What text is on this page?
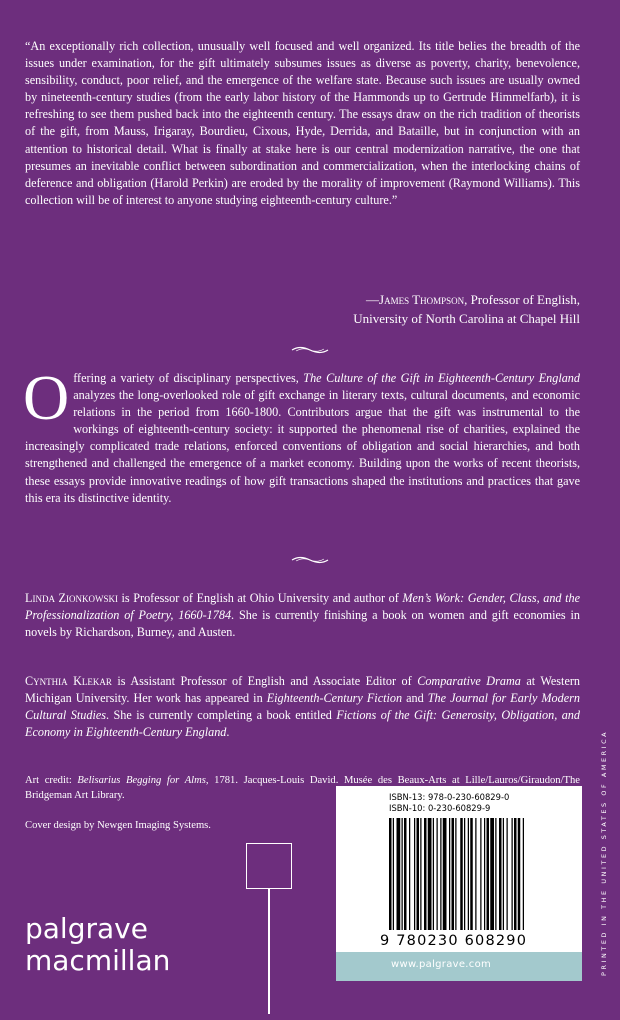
“An exceptionally rich collection, unusually well focused and well organized. Its title belies the breadth of the issues under examination, for the gift ultimately subsumes issues as diverse as poverty, charity, benevolence, sensibility, conduct, poor relief, and the emergence of the welfare state. Because such issues are usually owned by nineteenth-century studies (from the early labor history of the Hammonds up to Gertrude Himmelfarb), it is refreshing to see them pushed back into the eighteenth century. The essays draw on the rich tradition of theorists of the gift, from Mauss, Irigaray, Bourdieu, Cixous, Hyde, Derrida, and Bataille, but in conjunction with an attention to historical detail. What is finally at stake here is our central modernization narrative, the one that presumes an inevitable conflict between subordination and commercialization, when the interlocking chains of deference and obligation (Harold Perkin) are eroded by the morality of improvement (Raymond Williams). This collection will be of interest to anyone studying eighteenth-century culture.”

—James Thompson, Professor of English,
University of North Carolina at Chapel Hill

Offering a variety of disciplinary perspectives, The Culture of the Gift in Eighteenth-Century England analyzes the long-overlooked role of gift exchange in literary texts, cultural documents, and economic relations in the period from 1660-1800. Contributors argue that the gift was instrumental to the workings of eighteenth-century society: it supported the phenomenal rise of charities, explained the increasingly complicated trade relations, enforced conventions of obligation and social hierarchies, and both strengthened and challenged the emergence of a market economy. Building upon the works of recent theorists, these essays provide innovative readings of how gift transactions shaped the institutions and practices that gave this era its distinctive identity.

Linda Zionkowski is Professor of English at Ohio University and author of Men’s Work: Gender, Class, and the Professionalization of Poetry, 1660-1784. She is currently finishing a book on women and gift economies in novels by Richardson, Burney, and Austen.

Cynthia Klekar is Assistant Professor of English and Associate Editor of Comparative Drama at Western Michigan University. Her work has appeared in Eighteenth-Century Fiction and The Journal for Early Modern Cultural Studies. She is currently completing a book entitled Fictions of the Gift: Generosity, Obligation, and Economy in Eighteenth-Century England.

Art credit: Belisarius Begging for Alms, 1781. Jacques-Louis David. Musée des Beaux-Arts at Lille/Lauros/Giraudon/The Bridgeman Art Library.

Cover design by Newgen Imaging Systems.
palgrave
macmillan
ISBN-13: 978-0-230-60829-0
ISBN-10: 0-230-60829-9
9 780230 608290
www.palgrave.com	PRINTED IN THE UNITED STATES OF AMERICA
